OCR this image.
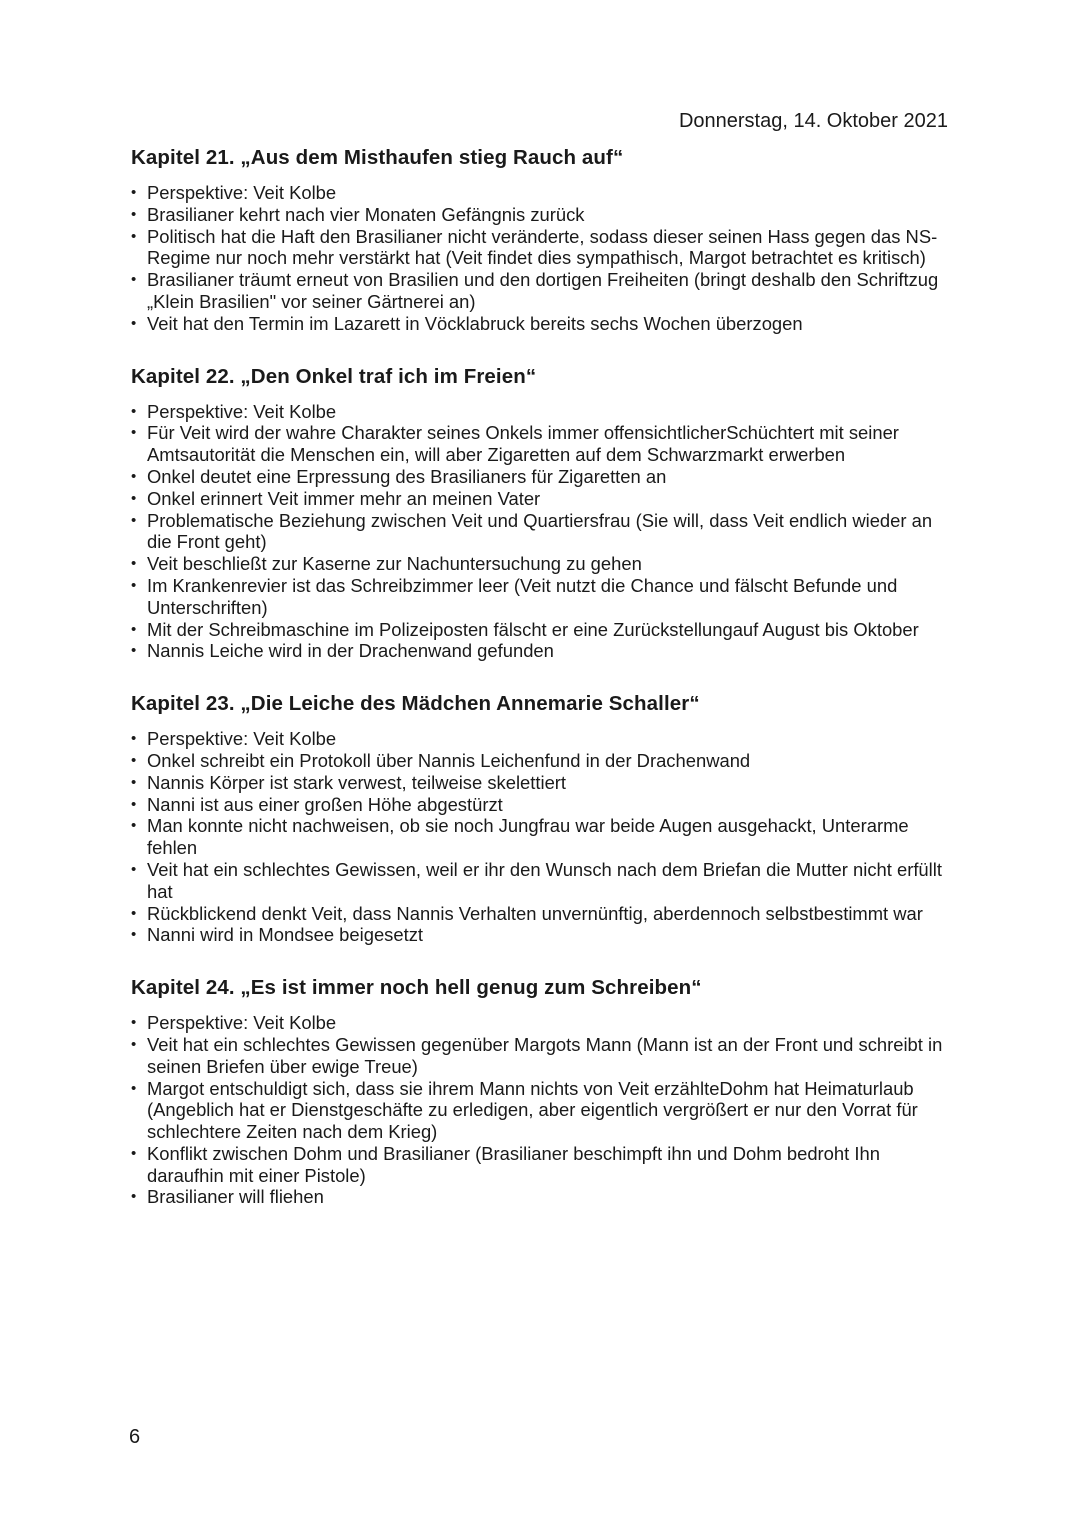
Donnerstag, 14. Oktober 2021
Kapitel 21. „Aus dem Misthaufen stieg Rauch auf“
• Perspektive: Veit Kolbe
• Brasilianer kehrt nach vier Monaten Gefängnis zurück
• Politisch hat die Haft den Brasilianer nicht veränderte, sodass dieser seinen Hass gegen das NS-Regime nur noch mehr verstärkt hat (Veit findet dies sympathisch, Margot betrachtet es kritisch)
• Brasilianer träumt erneut von Brasilien und den dortigen Freiheiten (bringt deshalb den Schriftzug „Klein Brasilien" vor seiner Gärtnerei an)
• Veit hat den Termin im Lazarett in Vöcklabruck bereits sechs Wochen überzogen
Kapitel 22. „Den Onkel traf ich im Freien“
• Perspektive: Veit Kolbe
• Für Veit wird der wahre Charakter seines Onkels immer offensichtlicherSchüchtert mit seiner Amtsautorität die Menschen ein, will aber Zigaretten auf dem Schwarzmarkt erwerben
• Onkel deutet eine Erpressung des Brasilianers für Zigaretten an
• Onkel erinnert Veit immer mehr an meinen Vater
• Problematische Beziehung zwischen Veit und Quartiersfrau (Sie will, dass Veit endlich wieder an die Front geht)
• Veit beschließt zur Kaserne zur Nachuntersuchung zu gehen
• Im Krankenrevier ist das Schreibzimmer leer (Veit nutzt die Chance und fälscht Befunde und Unterschriften)
• Mit der Schreibmaschine im Polizeiposten fälscht er eine Zurückstellungauf August bis Oktober
• Nannis Leiche wird in der Drachenwand gefunden
Kapitel 23. „Die Leiche des Mädchen Annemarie Schaller“
• Perspektive: Veit Kolbe
• Onkel schreibt ein Protokoll über Nannis Leichenfund in der Drachenwand
• Nannis Körper ist stark verwest, teilweise skelettiert
• Nanni ist aus einer großen Höhe abgestürzt
• Man konnte nicht nachweisen, ob sie noch Jungfrau war beide Augen ausgehackt, Unterarme fehlen
• Veit hat ein schlechtes Gewissen, weil er ihr den Wunsch nach dem Briefan die Mutter nicht erfüllt hat
• Rückblickend denkt Veit, dass Nannis Verhalten unvernünftig, aberdennoch selbstbestimmt war
• Nanni wird in Mondsee beigesetzt
Kapitel 24. „Es ist immer noch hell genug zum Schreiben“
• Perspektive: Veit Kolbe
• Veit hat ein schlechtes Gewissen gegenüber Margots Mann (Mann ist an der Front und schreibt in seinen Briefen über ewige Treue)
• Margot entschuldigt sich, dass sie ihrem Mann nichts von Veit erzählteDohm hat Heimaturlaub (Angeblich hat er Dienstgeschäfte zu erledigen, aber eigentlich vergrößert er nur den Vorrat für schlechtere Zeiten nach dem Krieg)
• Konflikt zwischen Dohm und Brasilianer (Brasilianer beschimpft ihn und Dohm bedroht Ihn daraufhin mit einer Pistole)
• Brasilianer will fliehen
6
